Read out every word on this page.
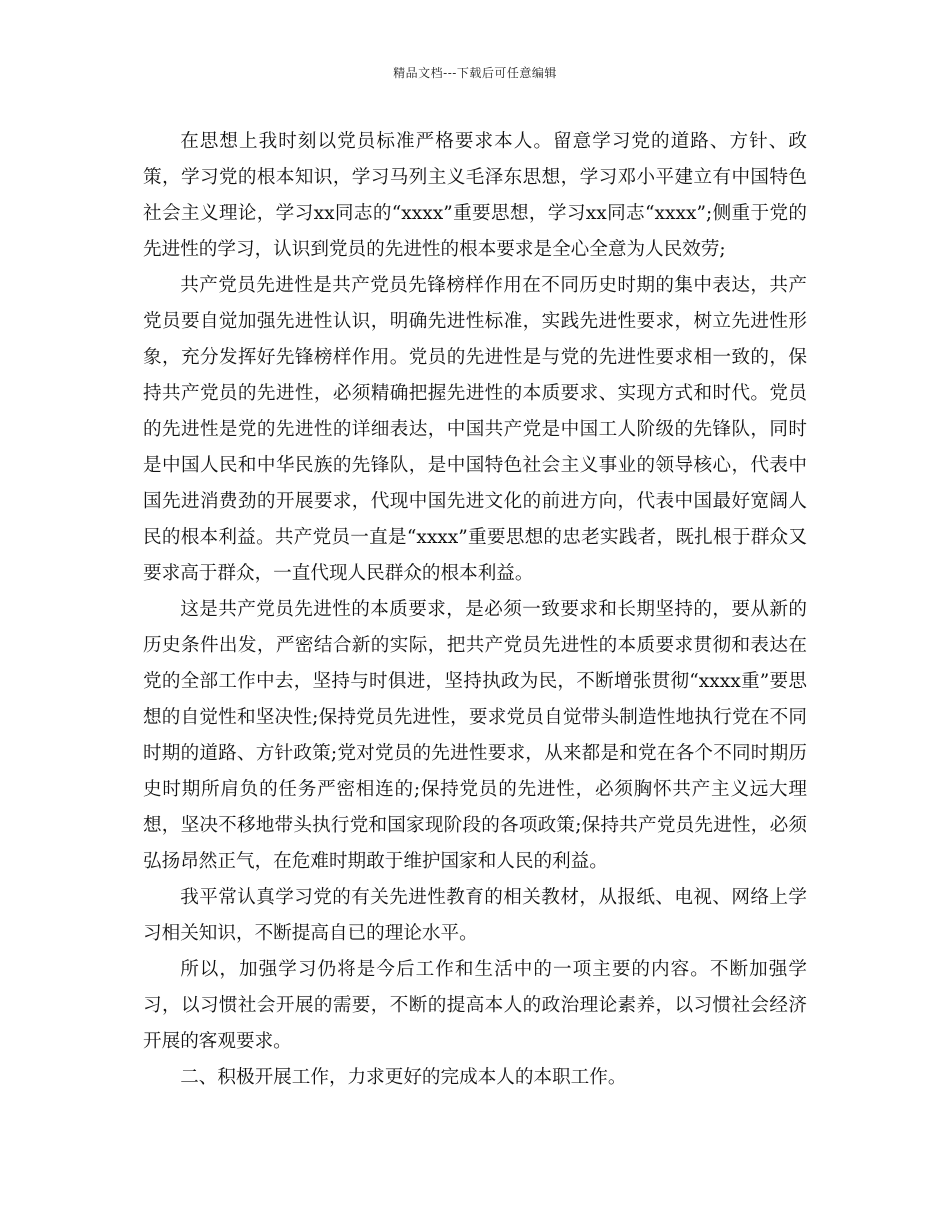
精品文档---下载后可任意编辑

在思想上我时刻以党员标准严格要求本人。留意学习党的道路、方针、政策，学习党的根本知识，学习马列主义毛泽东思想，学习邓小平建立有中国特色社会主义理论，学习xx同志的“xxxx”重要思想，学习xx同志“xxxx”;侧重于党的先进性的学习，认识到党员的先进性的根本要求是全心全意为人民效劳;

共产党员先进性是共产党员先锋榜样作用在不同历史时期的集中表达，共产党员要自觉加强先进性认识，明确先进性标准，实践先进性要求，树立先进性形象，充分发挥好先锋榜样作用。党员的先进性是与党的先进性要求相一致的，保持共产党员的先进性，必须精确把握先进性的本质要求、实现方式和时代。党员的先进性是党的先进性的详细表达，中国共产党是中国工人阶级的先锋队，同时是中国人民和中华民族的先锋队，是中国特色社会主义事业的领导核心，代表中国先进消费劲的开展要求，代现中国先进文化的前进方向，代表中国最好宽阔人民的根本利益。共产党员一直是“xxxx”重要思想的忠老实践者，既扎根于群众又要求高于群众，一直代现人民群众的根本利益。

这是共产党员先进性的本质要求，是必须一致要求和长期坚持的，要从新的历史条件出发，严密结合新的实际，把共产党员先进性的本质要求贯彻和表达在党的全部工作中去，坚持与时俱进，坚持执政为民，不断增张贯彻“xxxx重”要思想的自觉性和坚决性;保持党员先进性，要求党员自觉带头制造性地执行党在不同时期的道路、方针政策;党对党员的先进性要求，从来都是和党在各个不同时期历史时期所肩负的任务严密相连的;保持党员的先进性，必须胸怀共产主义远大理想，坚决不移地带头执行党和国家现阶段的各项政策;保持共产党员先进性，必须弘扬昂然正气，在危难时期敢于维护国家和人民的利益。

我平常认真学习党的有关先进性教育的相关教材，从报纸、电视、网络上学习相关知识，不断提高自已的理论水平。

所以，加强学习仍将是今后工作和生活中的一项主要的内容。不断加强学习，以习惯社会开展的需要，不断的提高本人的政治理论素养，以习惯社会经济开展的客观要求。

二、积极开展工作，力求更好的完成本人的本职工作。
